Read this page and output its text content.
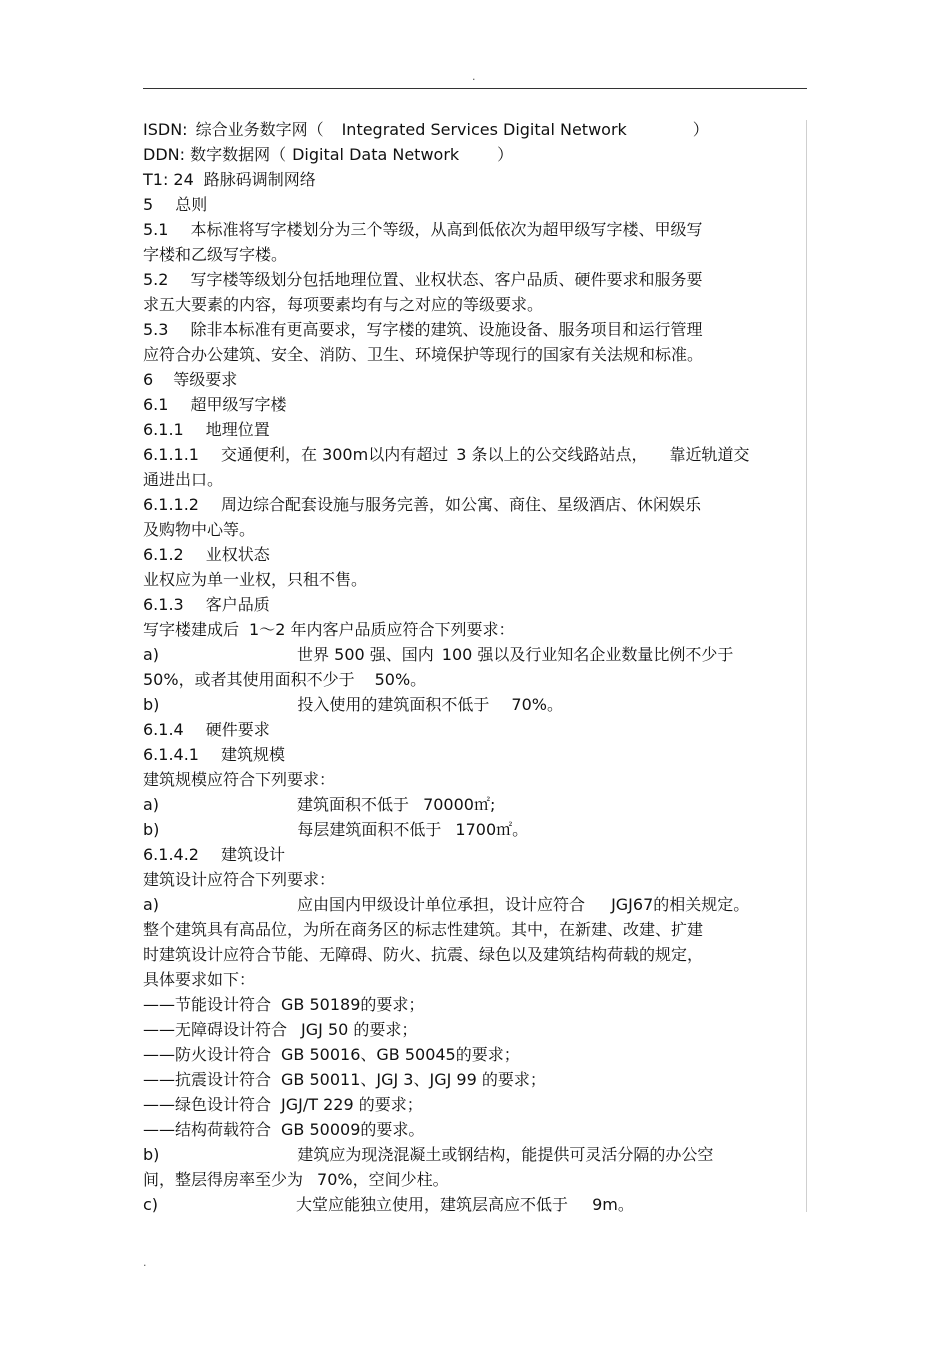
.
ISDN: 综合业务数字网（ Integrated Services Digital Network	）
DDN: 数字数据网（ Digital Data Network ）
T1: 24 路脉码调制网络
5 总则
5.1 本标准将写字楼划分为三个等级，从高到低依次为超甲级写字楼、甲级写
字楼和乙级写字楼。
5.2 写字楼等级划分包括地理位置、业权状态、客户品质、硬件要求和服务要
求五大要素的内容，每项要素均有与之对应的等级要求。
5.3 除非本标准有更高要求，写字楼的建筑、设施设备、服务项目和运行管理
应符合办公建筑、安全、消防、卫生、环境保护等现行的国家有关法规和标准。
6 等级要求
6.1 超甲级写字楼
6.1.1 地理位置
6.1.1.1 交通便利，在 300m以内有超过 3 条以上的公交线路站点， 靠近轨道交
通进出口。
6.1.1.2 周边综合配套设施与服务完善，如公寓、商住、星级酒店、休闲娱乐
及购物中心等。
6.1.2 业权状态
业权应为单一业权，只租不售。
6.1.3 客户品质
写字楼建成后 1～2 年内客户品质应符合下列要求：
a)	世界 500 强、国内 100 强以及行业知名企业数量比例不少于
50%，或者其使用面积不少于 50%。
b)	投入使用的建筑面积不低于 70%。
6.1.4 硬件要求
6.1.4.1 建筑规模
建筑规模应符合下列要求：
a)	建筑面积不低于 70000㎡;
b)	每层建筑面积不低于 1700㎡。
6.1.4.2 建筑设计
建筑设计应符合下列要求：
a)	应由国内甲级设计单位承担，设计应符合 JGJ67的相关规定。
整个建筑具有高品位，为所在商务区的标志性建筑。其中，在新建、改建、扩建
时建筑设计应符合节能、无障碍、防火、抗震、绿色以及建筑结构荷载的规定，
具体要求如下：
——节能设计符合 GB 50189的要求；
——无障碍设计符合 JGJ 50 的要求；
——防火设计符合 GB 50016、GB 50045的要求；
——抗震设计符合 GB 50011、JGJ 3、JGJ 99 的要求；
——绿色设计符合 JGJ/T 229 的要求；
——结构荷载符合 GB 50009的要求。
b)	建筑应为现浇混凝土或钢结构，能提供可灵活分隔的办公空
间，整层得房率至少为 70%，空间少柱。
c)	大堂应能独立使用，建筑层高应不低于 9m。
.
